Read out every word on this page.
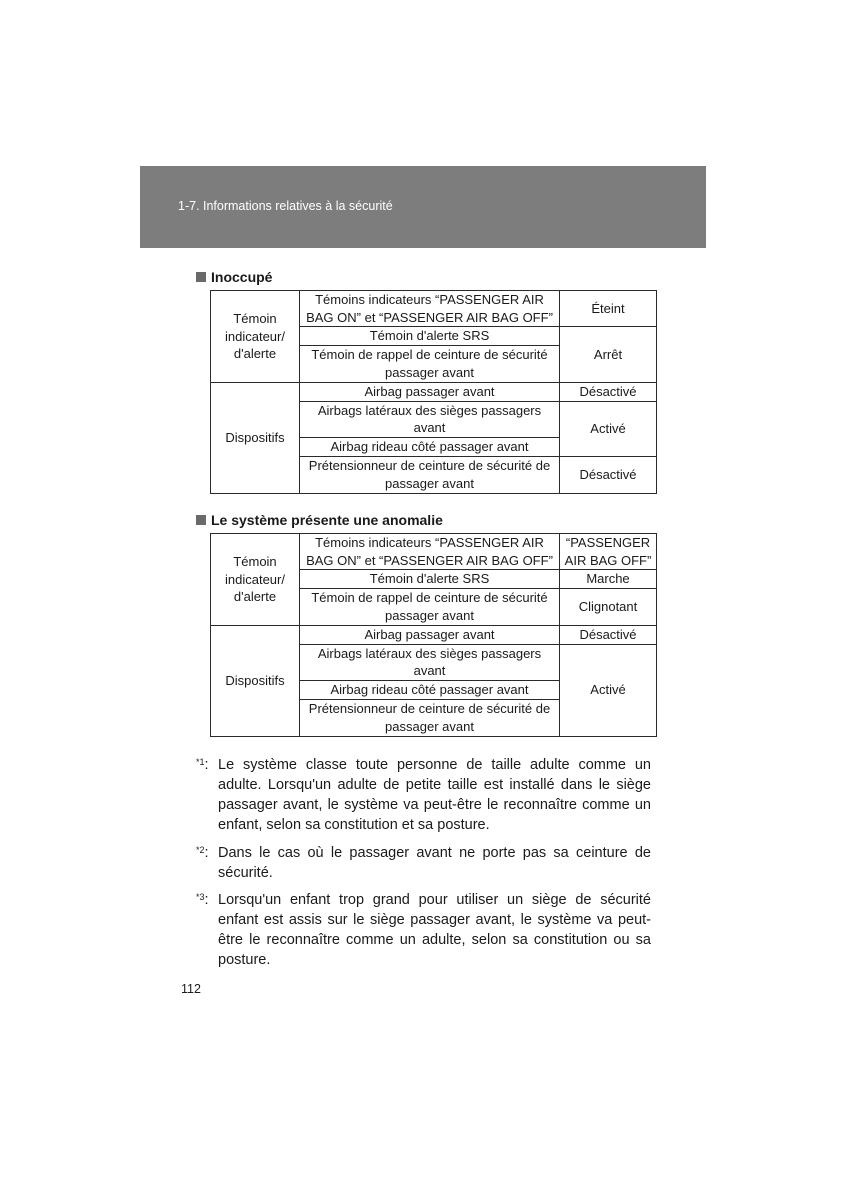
1-7. Informations relatives à la sécurité
Inoccupé
Témoin indicateur/ d'alerte	Témoins indicateurs “PASSENGER AIR BAG ON” et “PASSENGER AIR BAG OFF”	Éteint
	Témoin d'alerte SRS	Arrêt
	Témoin de rappel de ceinture de sécurité passager avant	
Dispositifs	Airbag passager avant	Désactivé
	Airbags latéraux des sièges passagers avant	Activé
	Airbag rideau côté passager avant	
	Prétensionneur de ceinture de sécurité de passager avant	Désactivé
Le système présente une anomalie
Témoin indicateur/ d'alerte	Témoins indicateurs “PASSENGER AIR BAG ON” et “PASSENGER AIR BAG OFF”	“PASSENGER AIR BAG OFF”
	Témoin d'alerte SRS	Marche
	Témoin de rappel de ceinture de sécurité passager avant	Clignotant
Dispositifs	Airbag passager avant	Désactivé
	Airbags latéraux des sièges passagers avant	Activé
	Airbag rideau côté passager avant	
	Prétensionneur de ceinture de sécurité de passager avant	
$^{*1}$: Le système classe toute personne de taille adulte comme un adulte. Lorsqu'un adulte de petite taille est installé dans le siège passager avant, le système va peut-être le reconnaître comme un enfant, selon sa constitution et sa posture.
$^{*2}$: Dans le cas où le passager avant ne porte pas sa ceinture de sécurité.
$^{*3}$: Lorsqu'un enfant trop grand pour utiliser un siège de sécurité enfant est assis sur le siège passager avant, le système va peut-être le reconnaître comme un adulte, selon sa constitution ou sa posture.
112
